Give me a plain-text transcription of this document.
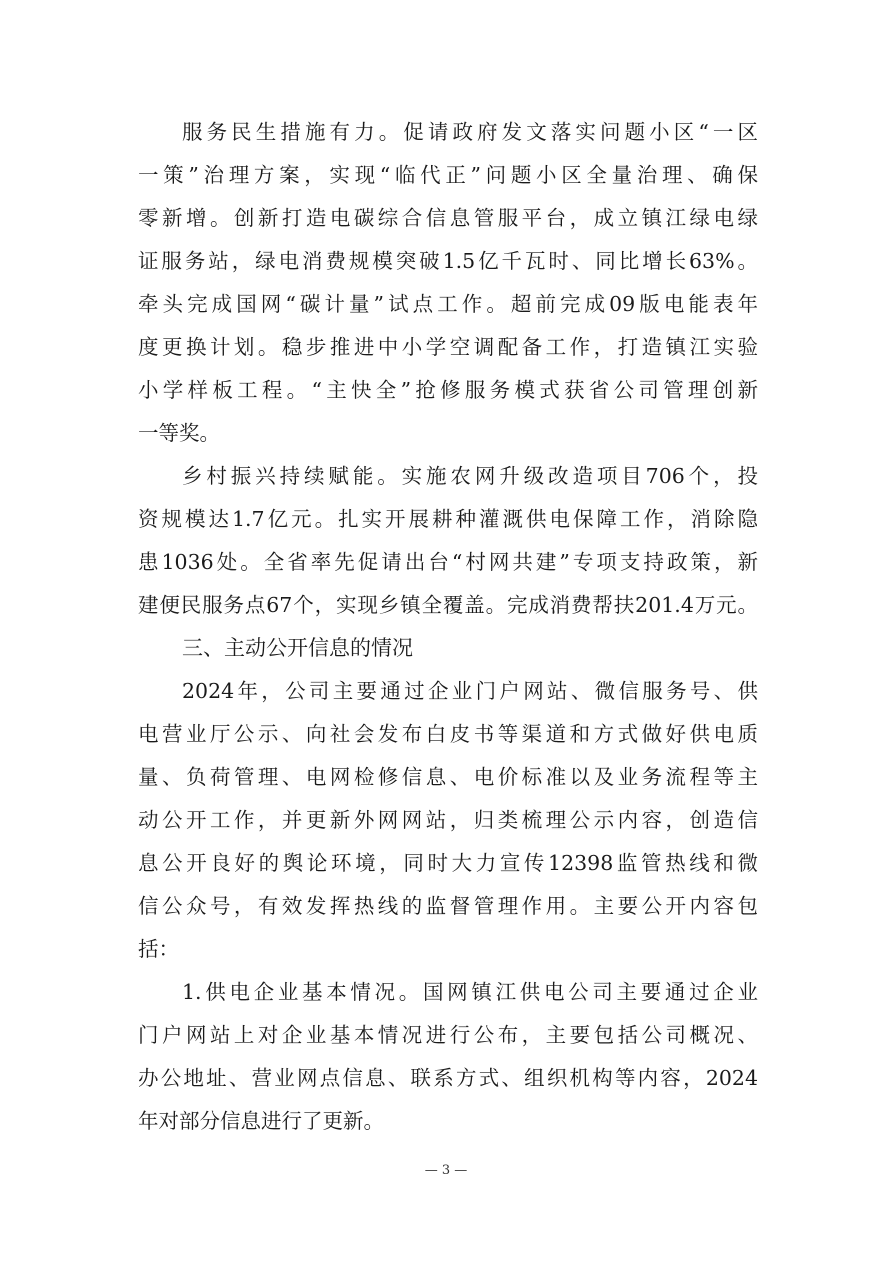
服务民生措施有力。促请政府发文落实问题小区“一区
一策”治理方案，实现“临代正”问题小区全量治理、确保
零新增。创新打造电碳综合信息管服平台，成立镇江绿电绿
证服务站，绿电消费规模突破1.5亿千瓦时、同比增长63%。
牵头完成国网“碳计量”试点工作。超前完成09版电能表年
度更换计划。稳步推进中小学空调配备工作，打造镇江实验
小学样板工程。“主快全”抢修服务模式获省公司管理创新
一等奖。
乡村振兴持续赋能。实施农网升级改造项目706个，投
资规模达1.7亿元。扎实开展耕种灌溉供电保障工作，消除隐
患1036处。全省率先促请出台“村网共建”专项支持政策，新
建便民服务点67个，实现乡镇全覆盖。完成消费帮扶201.4万元。
三、主动公开信息的情况
2024年，公司主要通过企业门户网站、微信服务号、供
电营业厅公示、向社会发布白皮书等渠道和方式做好供电质
量、负荷管理、电网检修信息、电价标准以及业务流程等主
动公开工作，并更新外网网站，归类梳理公示内容，创造信
息公开良好的舆论环境，同时大力宣传12398监管热线和微
信公众号，有效发挥热线的监督管理作用。主要公开内容包
括：
1.供电企业基本情况。国网镇江供电公司主要通过企业
门户网站上对企业基本情况进行公布，主要包括公司概况、
办公地址、营业网点信息、联系方式、组织机构等内容，2024
年对部分信息进行了更新。
— 3 —
